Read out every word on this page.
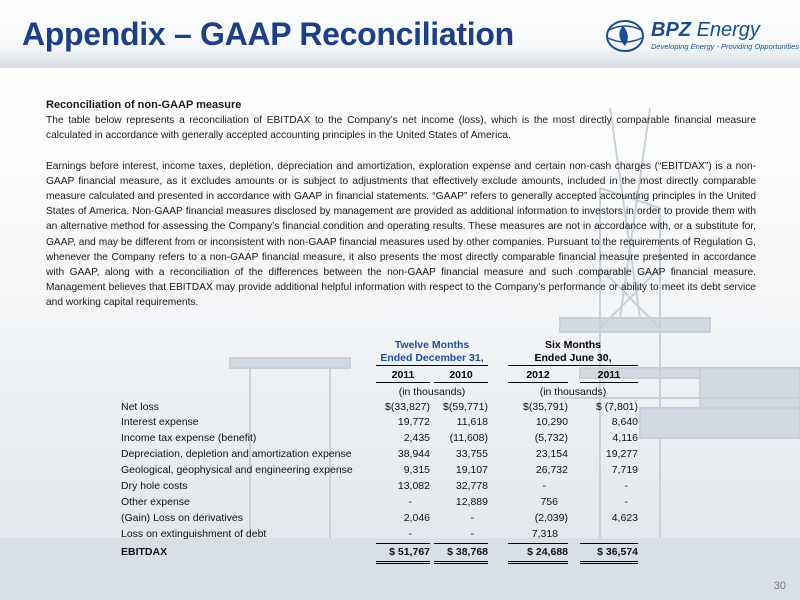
Appendix – GAAP Reconciliation	BPZ Energy
Developing Energy - Providing Opportunities

Reconciliation of non-GAAP measure

The table below represents a reconciliation of EBITDAX to the Company’s net income (loss), which is the most directly comparable financial measure calculated in accordance with generally accepted accounting principles in the United States of America.

Earnings before interest, income taxes, depletion, depreciation and amortization, exploration expense and certain non-cash charges (“EBITDAX”) is a non-GAAP financial measure, as it excludes amounts or is subject to adjustments that effectively exclude amounts, included in the most directly comparable measure calculated and presented in accordance with GAAP in financial statements. “GAAP” refers to generally accepted accounting principles in the United States of America. Non-GAAP financial measures disclosed by management are provided as additional information to investors in order to provide them with an alternative method for assessing the Company’s financial condition and operating results. These measures are not in accordance with, or a substitute for, GAAP, and may be different from or inconsistent with non-GAAP financial measures used by other companies. Pursuant to the requirements of Regulation G, whenever the Company refers to a non-GAAP financial measure, it also presents the most directly comparable financial measure presented in accordance with GAAP, along with a reconciliation of the differences between the non-GAAP financial measure and such comparable GAAP financial measure. Management believes that EBITDAX may provide additional helpful information with respect to the Company’s performance or ability to meet its debt service and working capital requirements.

Twelve Months
Ended December 31,
Six Months
Ended June 30,
2011	2010	2012	2011
(in thousands)	(in thousands)
Net loss	$(33,827)	$(59,771)	$(35,791)	$ (7,801)
Interest expense	19,772	11,618	10,290	8,640
Income tax expense (benefit)	2,435	(11,608)	(5,732)	4,116
Depreciation, depletion and amortization expense	38,944	33,755	23,154	19,277
Geological, geophysical and engineering expense	9,315	19,107	26,732	7,719
Dry hole costs	13,082	32,778	-	-
Other expense	-	12,889	756	-
(Gain) Loss on derivatives	2,046	-	(2,039)	4,623
Loss on extinguishment of debt	-	-	7,318
EBITDAX	$ 51,767	$ 38,768	$ 24,688	$ 36,574
30
